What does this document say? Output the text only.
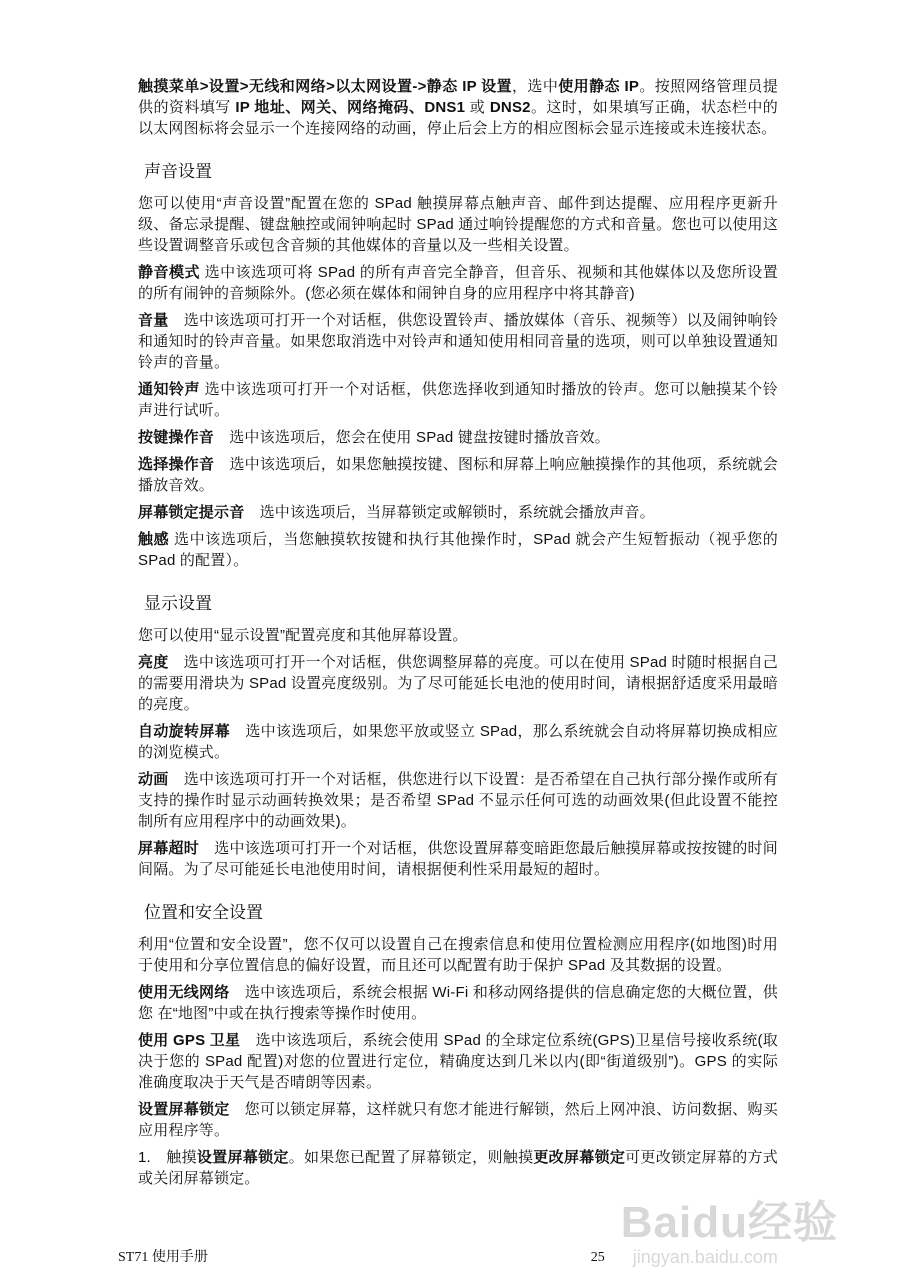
触摸菜单>设置>无线和网络>以太网设置->静态 IP 设置，选中使用静态 IP。按照网络管理员提供的资料填写 IP 地址、网关、网络掩码、DNS1 或 DNS2。这时，如果填写正确，状态栏中的以太网图标将会显示一个连接网络的动画，停止后会上方的相应图标会显示连接或未连接状态。

声音设置

您可以使用“声音设置”配置在您的 SPad 触摸屏幕点触声音、邮件到达提醒、应用程序更新升级、备忘录提醒、键盘触控或闹钟响起时 SPad 通过响铃提醒您的方式和音量。您也可以使用这些设置调整音乐或包含音频的其他媒体的音量以及一些相关设置。

静音模式 选中该选项可将 SPad 的所有声音完全静音，但音乐、视频和其他媒体以及您所设置的所有闹钟的音频除外。(您必须在媒体和闹钟自身的应用程序中将其静音)

音量　选中该选项可打开一个对话框，供您设置铃声、播放媒体（音乐、视频等）以及闹钟响铃和通知时的铃声音量。如果您取消选中对铃声和通知使用相同音量的选项，则可以单独设置通知铃声的音量。

通知铃声 选中该选项可打开一个对话框，供您选择收到通知时播放的铃声。您可以触摸某个铃声进行试听。

按键操作音　选中该选项后，您会在使用 SPad 键盘按键时播放音效。

选择操作音　选中该选项后，如果您触摸按键、图标和屏幕上响应触摸操作的其他项，系统就会播放音效。

屏幕锁定提示音　选中该选项后，当屏幕锁定或解锁时，系统就会播放声音。

触感 选中该选项后，当您触摸软按键和执行其他操作时，SPad 就会产生短暂振动（视乎您的 SPad 的配置）。

显示设置

您可以使用“显示设置”配置亮度和其他屏幕设置。

亮度　选中该选项可打开一个对话框，供您调整屏幕的亮度。可以在使用 SPad 时随时根据自己的需要用滑块为 SPad 设置亮度级别。为了尽可能延长电池的使用时间，请根据舒适度采用最暗的亮度。

自动旋转屏幕　选中该选项后，如果您平放或竖立 SPad，那么系统就会自动将屏幕切换成相应的浏览模式。

动画　选中该选项可打开一个对话框，供您进行以下设置：是否希望在自己执行部分操作或所有支持的操作时显示动画转换效果；是否希望 SPad 不显示任何可选的动画效果(但此设置不能控制所有应用程序中的动画效果)。

屏幕超时　选中该选项可打开一个对话框，供您设置屏幕变暗距您最后触摸屏幕或按按键的时间间隔。为了尽可能延长电池使用时间，请根据便利性采用最短的超时。

位置和安全设置

利用“位置和安全设置”，您不仅可以设置自己在搜索信息和使用位置检测应用程序(如地图)时用于使用和分享位置信息的偏好设置，而且还可以配置有助于保护 SPad 及其数据的设置。

使用无线网络　选中该选项后，系统会根据 Wi-Fi 和移动网络提供的信息确定您的大概位置，供您 在“地图”中或在执行搜索等操作时使用。

使用 GPS 卫星　选中该选项后，系统会使用 SPad 的全球定位系统(GPS)卫星信号接收系统(取决于您的 SPad 配置)对您的位置进行定位，精确度达到几米以内(即“街道级别”)。GPS 的实际准确度取决于天气是否晴朗等因素。

设置屏幕锁定　您可以锁定屏幕，这样就只有您才能进行解锁，然后上网冲浪、访问数据、购买应用程序等。

1.　触摸设置屏幕锁定。如果您已配置了屏幕锁定，则触摸更改屏幕锁定可更改锁定屏幕的方式或关闭屏幕锁定。

ST71 使用手册	25
Baidu经验
jingyan.baidu.com
